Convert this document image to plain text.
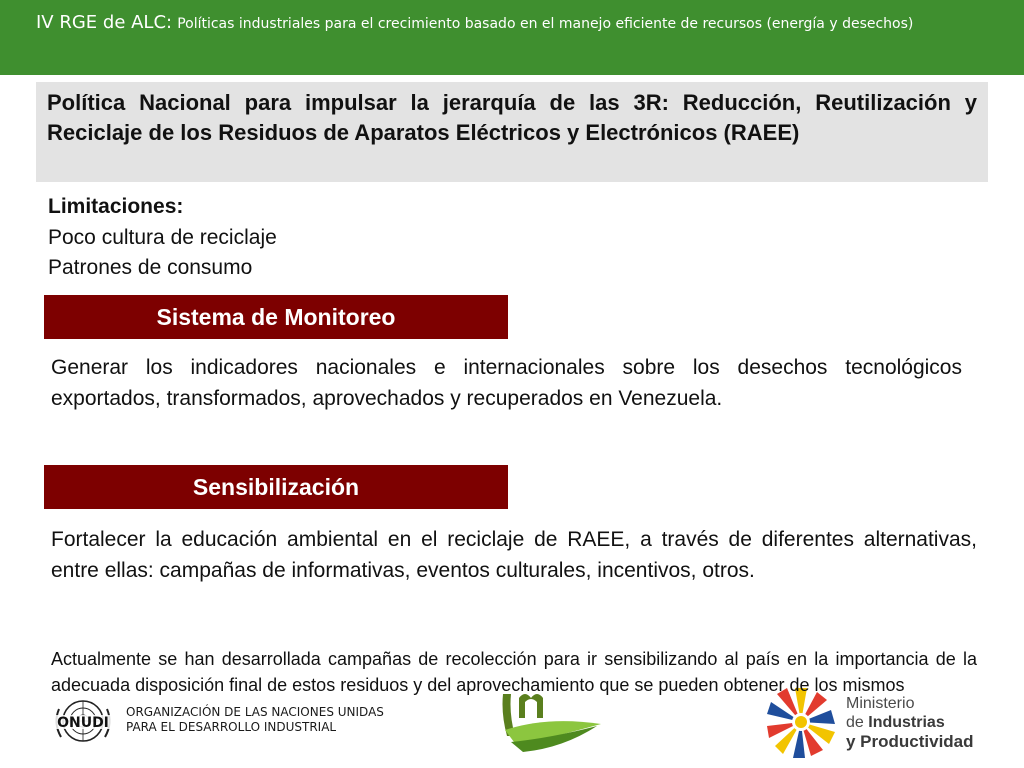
IV RGE de ALC: Políticas industriales para el crecimiento basado en el manejo eficiente de recursos (energía y desechos)
Política Nacional para impulsar la jerarquía de las 3R: Reducción, Reutilización y Reciclaje de los Residuos de Aparatos Eléctricos y Electrónicos (RAEE)
Limitaciones:
Poco cultura de reciclaje
Patrones de consumo
Sistema de Monitoreo
Generar los indicadores nacionales e internacionales sobre los desechos tecnológicos exportados, transformados, aprovechados y recuperados en Venezuela.
Sensibilización
Fortalecer la educación ambiental en el reciclaje de RAEE, a través de diferentes alternativas, entre ellas: campañas de informativas, eventos culturales, incentivos, otros.
ONUDI
ORGANIZACIÓN DE LAS NACIONES UNIDAS
PARA EL DESARROLLO INDUSTRIAL
Ministerio
de Industrias
y Productividad
Actualmente se han desarrollada campañas de recolección para ir sensibilizando al país en la importancia de la adecuada disposición final de estos residuos y del aprovechamiento que se pueden obtener de los mismos
